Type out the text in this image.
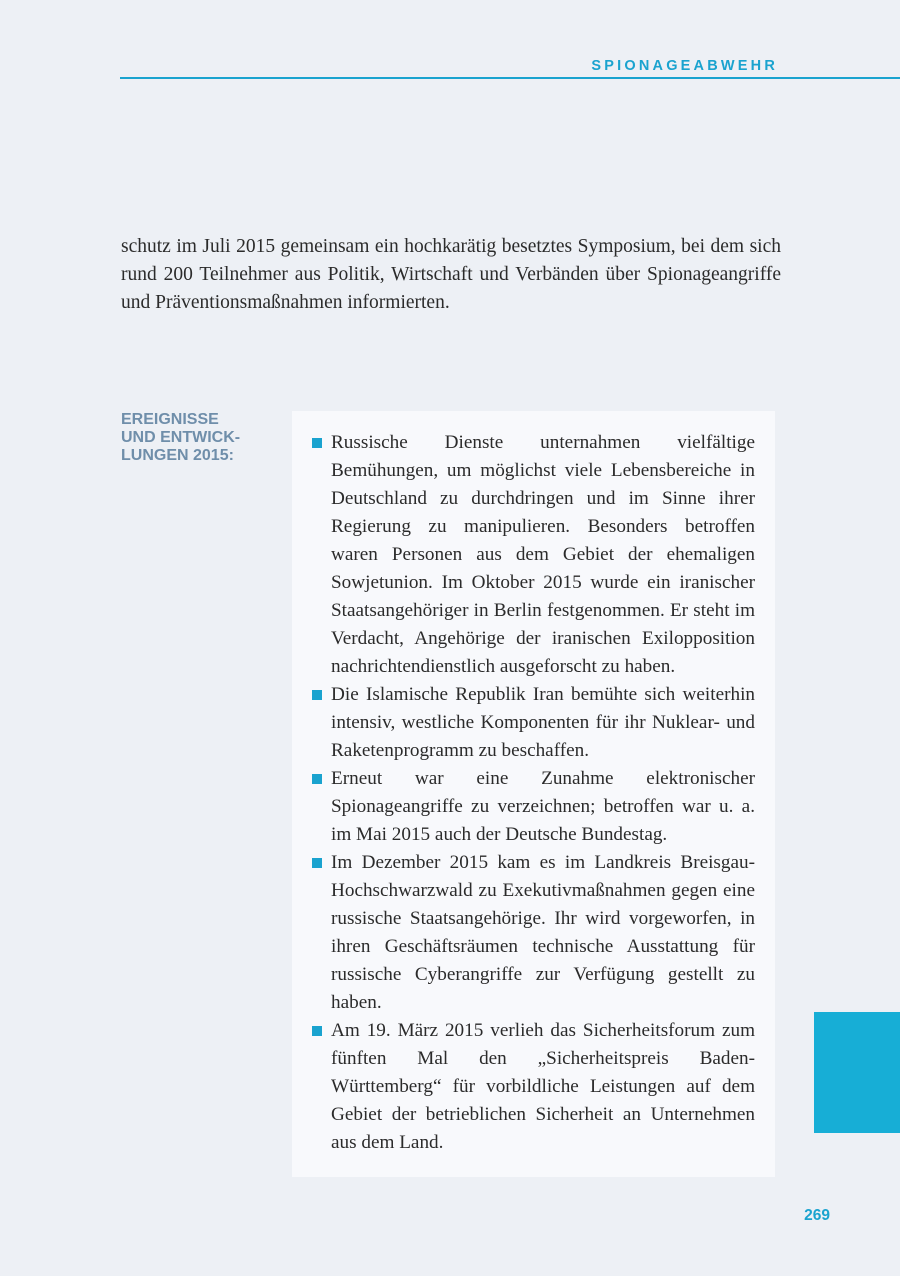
SPIONAGEABWEHR

schutz im Juli 2015 gemeinsam ein hochkarätig besetztes Symposium, bei dem sich rund 200 Teilnehmer aus Politik, Wirtschaft und Verbänden über Spionageangriffe und Präventionsmaßnahmen informierten.

EREIGNISSE
UND ENTWICK-
LUNGEN 2015:
Russische Dienste unternahmen vielfältige Bemühungen, um möglichst viele Lebensbereiche in Deutschland zu durchdringen und im Sinne ihrer Regierung zu manipulieren. Besonders betroffen waren Personen aus dem Gebiet der ehemaligen Sowjetunion. Im Oktober 2015 wurde ein iranischer Staatsangehöriger in Berlin festgenommen. Er steht im Verdacht, Angehörige der iranischen Exilopposition nachrichtendienstlich ausgeforscht zu haben.
Die Islamische Republik Iran bemühte sich weiterhin intensiv, westliche Komponenten für ihr Nuklear- und Raketenprogramm zu beschaffen.
Erneut war eine Zunahme elektronischer Spionageangriffe zu verzeichnen; betroffen war u. a. im Mai 2015 auch der Deutsche Bundestag.
Im Dezember 2015 kam es im Landkreis Breisgau-Hochschwarzwald zu Exekutivmaßnahmen gegen eine russische Staatsangehörige. Ihr wird vorgeworfen, in ihren Geschäftsräumen technische Ausstattung für russische Cyberangriffe zur Verfügung gestellt zu haben.
Am 19. März 2015 verlieh das Sicherheitsforum zum fünften Mal den „Sicherheitspreis Baden-Württemberg“ für vorbildliche Leistungen auf dem Gebiet der betrieblichen Sicherheit an Unternehmen aus dem Land.
269
